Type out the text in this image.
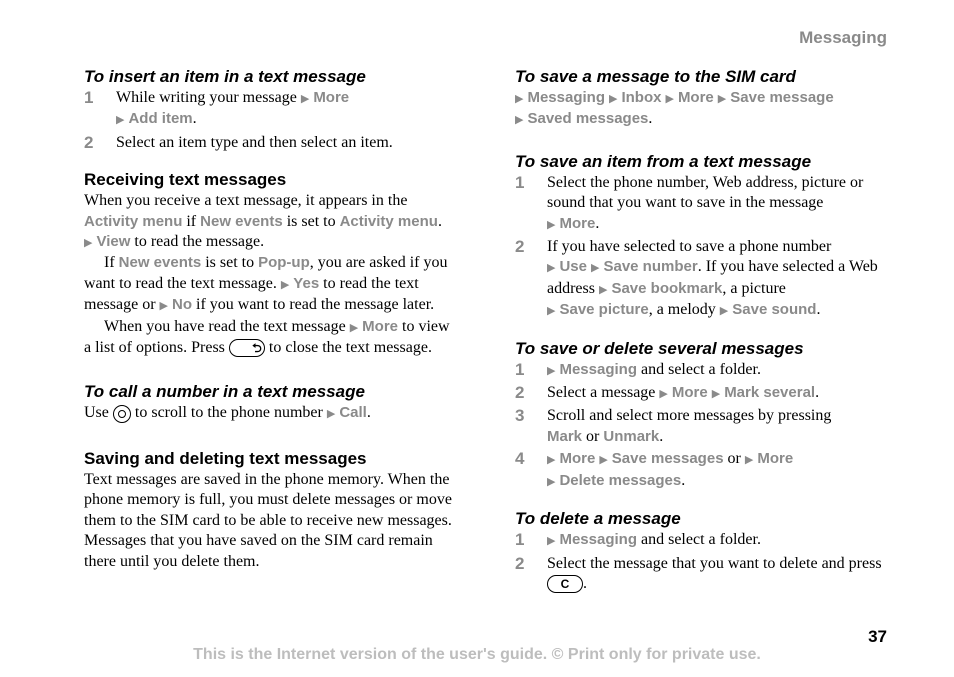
Messaging
To insert an item in a text message
1 While writing your message ▶ More
▶ Add item.
2 Select an item type and then select an item.
Receiving text messages

When you receive a text message, it appears in the Activity menu if New events is set to Activity menu.
▶ View to read the message.

If New events is set to Pop-up, you are asked if you want to read the text message. ▶ Yes to read the text message or ▶ No if you want to read the message later.

When you have read the text message ▶ More to view a list of options. Press ⮌ to close the text message.

To call a number in a text message

Use to scroll to the phone number ▶ Call.

Saving and deleting text messages

Text messages are saved in the phone memory. When the phone memory is full, you must delete messages or move them to the SIM card to be able to receive new messages. Messages that you have saved on the SIM card remain there until you delete them.

To save a message to the SIM card

▶ Messaging ▶ Inbox ▶ More ▶ Save message
▶ Saved messages.

To save an item from a text message
1 Select the phone number, Web address, picture or sound that you want to save in the message
▶ More.
2 If you have selected to save a phone number
▶ Use ▶ Save number. If you have selected a Web address ▶ Save bookmark, a picture
▶ Save picture, a melody ▶ Save sound.
To save or delete several messages
1 ▶ Messaging and select a folder.
2 Select a message ▶ More ▶ Mark several.
3 Scroll and select more messages by pressing
Mark or Unmark.
4 ▶ More ▶ Save messages or ▶ More
▶ Delete messages.
To delete a message
1 ▶ Messaging and select a folder.
2 Select the message that you want to delete and press C .
37
This is the Internet version of the user's guide. © Print only for private use.
